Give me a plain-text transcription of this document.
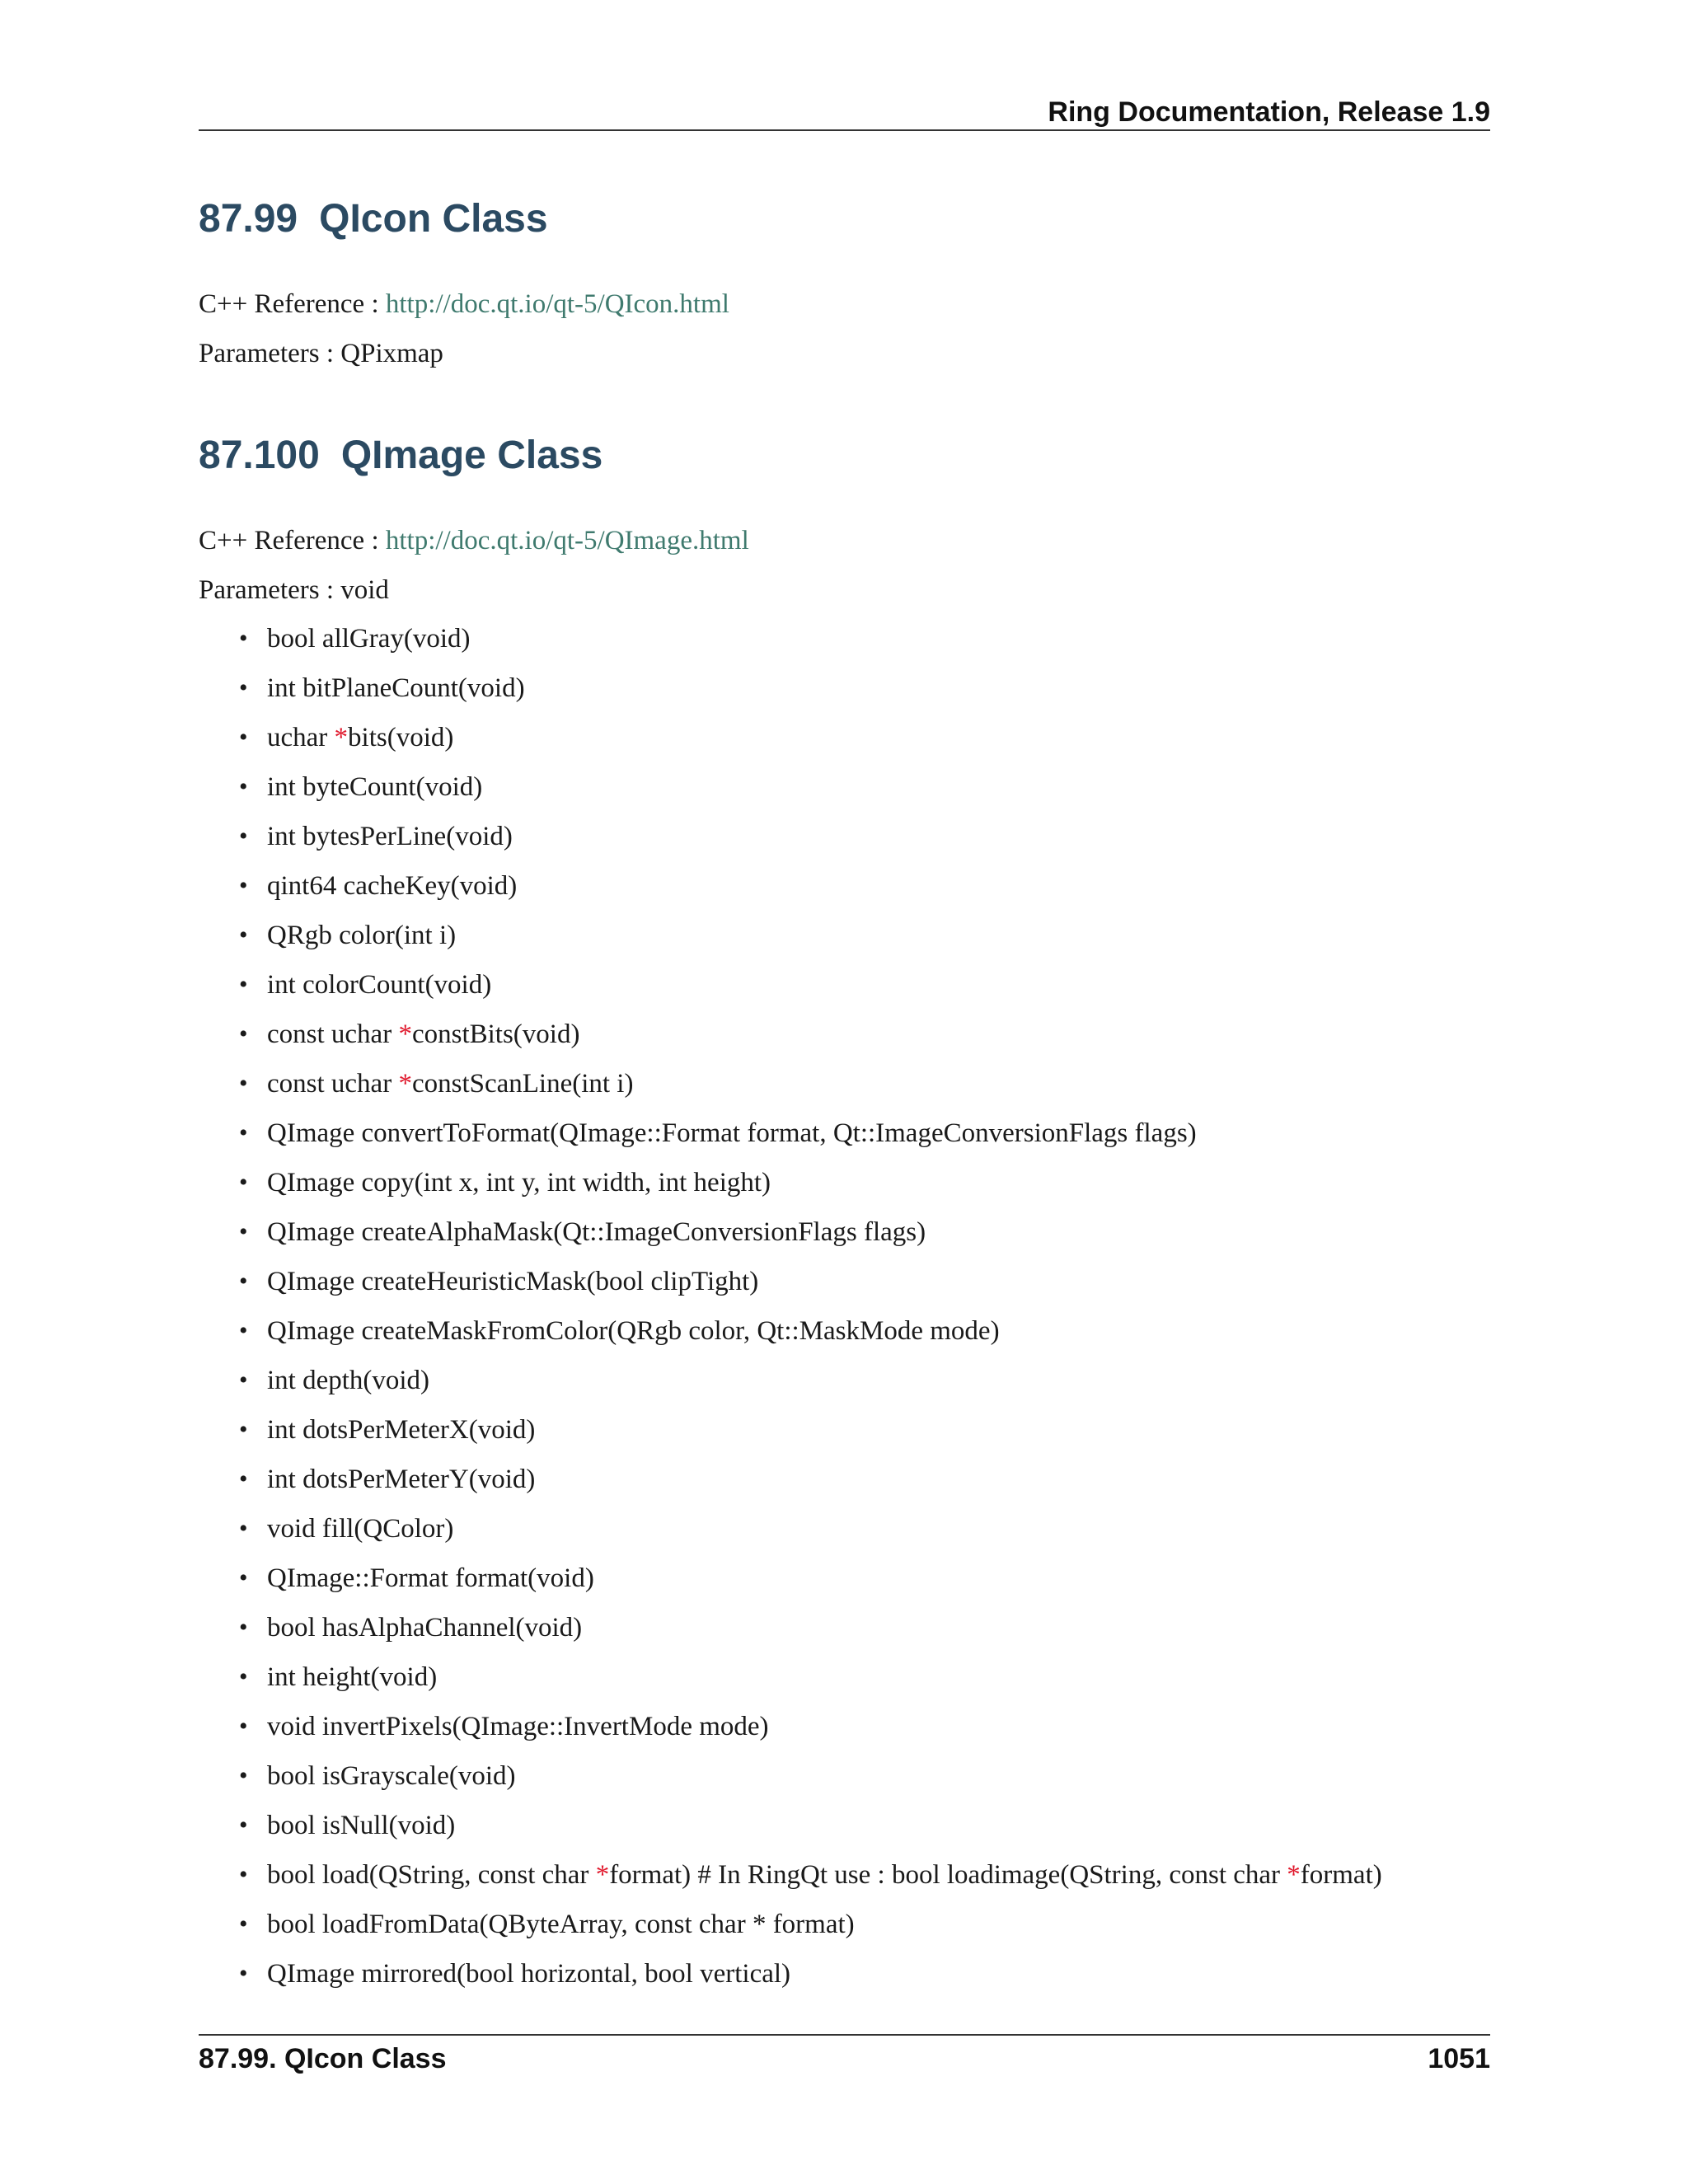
Ring Documentation, Release 1.9
87.99 QIcon Class
C++ Reference : http://doc.qt.io/qt-5/QIcon.html
Parameters : QPixmap
87.100 QImage Class
C++ Reference : http://doc.qt.io/qt-5/QImage.html
Parameters : void
• bool allGray(void)
• int bitPlaneCount(void)
• uchar *bits(void)
• int byteCount(void)
• int bytesPerLine(void)
• qint64 cacheKey(void)
• QRgb color(int i)
• int colorCount(void)
• const uchar *constBits(void)
• const uchar *constScanLine(int i)
• QImage convertToFormat(QImage::Format format, Qt::ImageConversionFlags flags)
• QImage copy(int x, int y, int width, int height)
• QImage createAlphaMask(Qt::ImageConversionFlags flags)
• QImage createHeuristicMask(bool clipTight)
• QImage createMaskFromColor(QRgb color, Qt::MaskMode mode)
• int depth(void)
• int dotsPerMeterX(void)
• int dotsPerMeterY(void)
• void fill(QColor)
• QImage::Format format(void)
• bool hasAlphaChannel(void)
• int height(void)
• void invertPixels(QImage::InvertMode mode)
• bool isGrayscale(void)
• bool isNull(void)
• bool load(QString, const char *format) # In RingQt use : bool loadimage(QString, const char *format)
• bool loadFromData(QByteArray, const char * format)
• QImage mirrored(bool horizontal, bool vertical)
87.99. QIcon Class	1051
